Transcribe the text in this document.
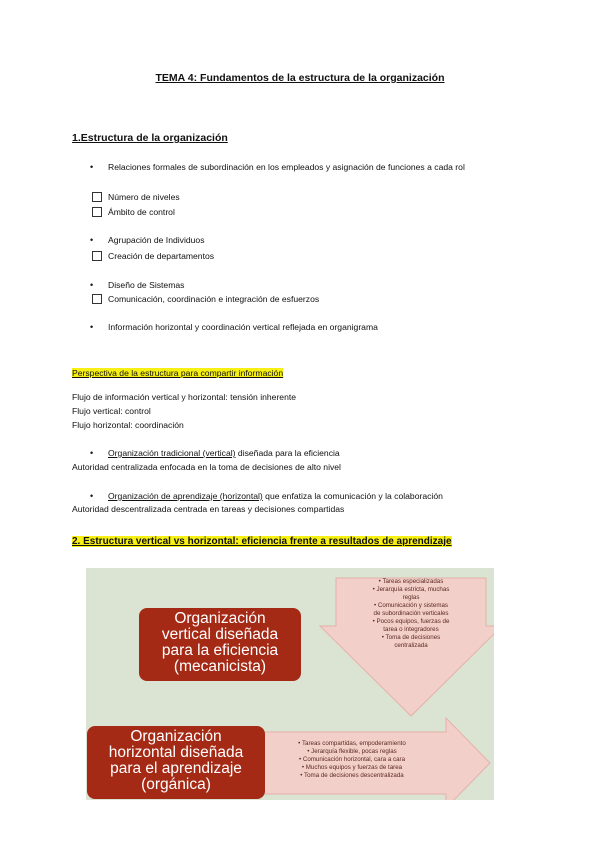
TEMA 4: Fundamentos de la estructura de la organización
1.Estructura de la organización
• Relaciones formales de subordinación en los empleados y asignación de funciones a cada rol
Número de niveles
Ámbito de control
• Agrupación de Individuos
Creación de departamentos
• Diseño de Sistemas
Comunicación, coordinación e integración de esfuerzos
• Información horizontal y coordinación vertical reflejada en organigrama
Perspectiva de la estructura para compartir información
Flujo de información vertical y horizontal: tensión inherente
Flujo vertical: control
Flujo horizontal: coordinación
• Organización tradicional (vertical) diseñada para la eficiencia
Autoridad centralizada enfocada en la toma de decisiones de alto nivel
• Organización de aprendizaje (horizontal) que enfatiza la comunicación y la colaboración
Autoridad descentralizada centrada en tareas y decisiones compartidas
2. Estructura vertical vs horizontal: eficiencia frente a resultados de aprendizaje
Organización
vertical diseñada
para la eficiencia
(mecanicista)
Organización
horizontal diseñada
para el aprendizaje
(orgánica)
• Tareas especializadas
• Jerarquía estricta, muchas
reglas
• Comunicación y sistemas
de subordinación verticales
• Pocos equipos, fuerzas de
tarea o integradores
• Toma de decisiones
centralizada
• Tareas compartidas, empoderamiento
• Jerarquía flexible, pocas reglas
• Comunicación horizontal, cara a cara
• Muchos equipos y fuerzas de tarea
• Toma de decisiones descentralizada
